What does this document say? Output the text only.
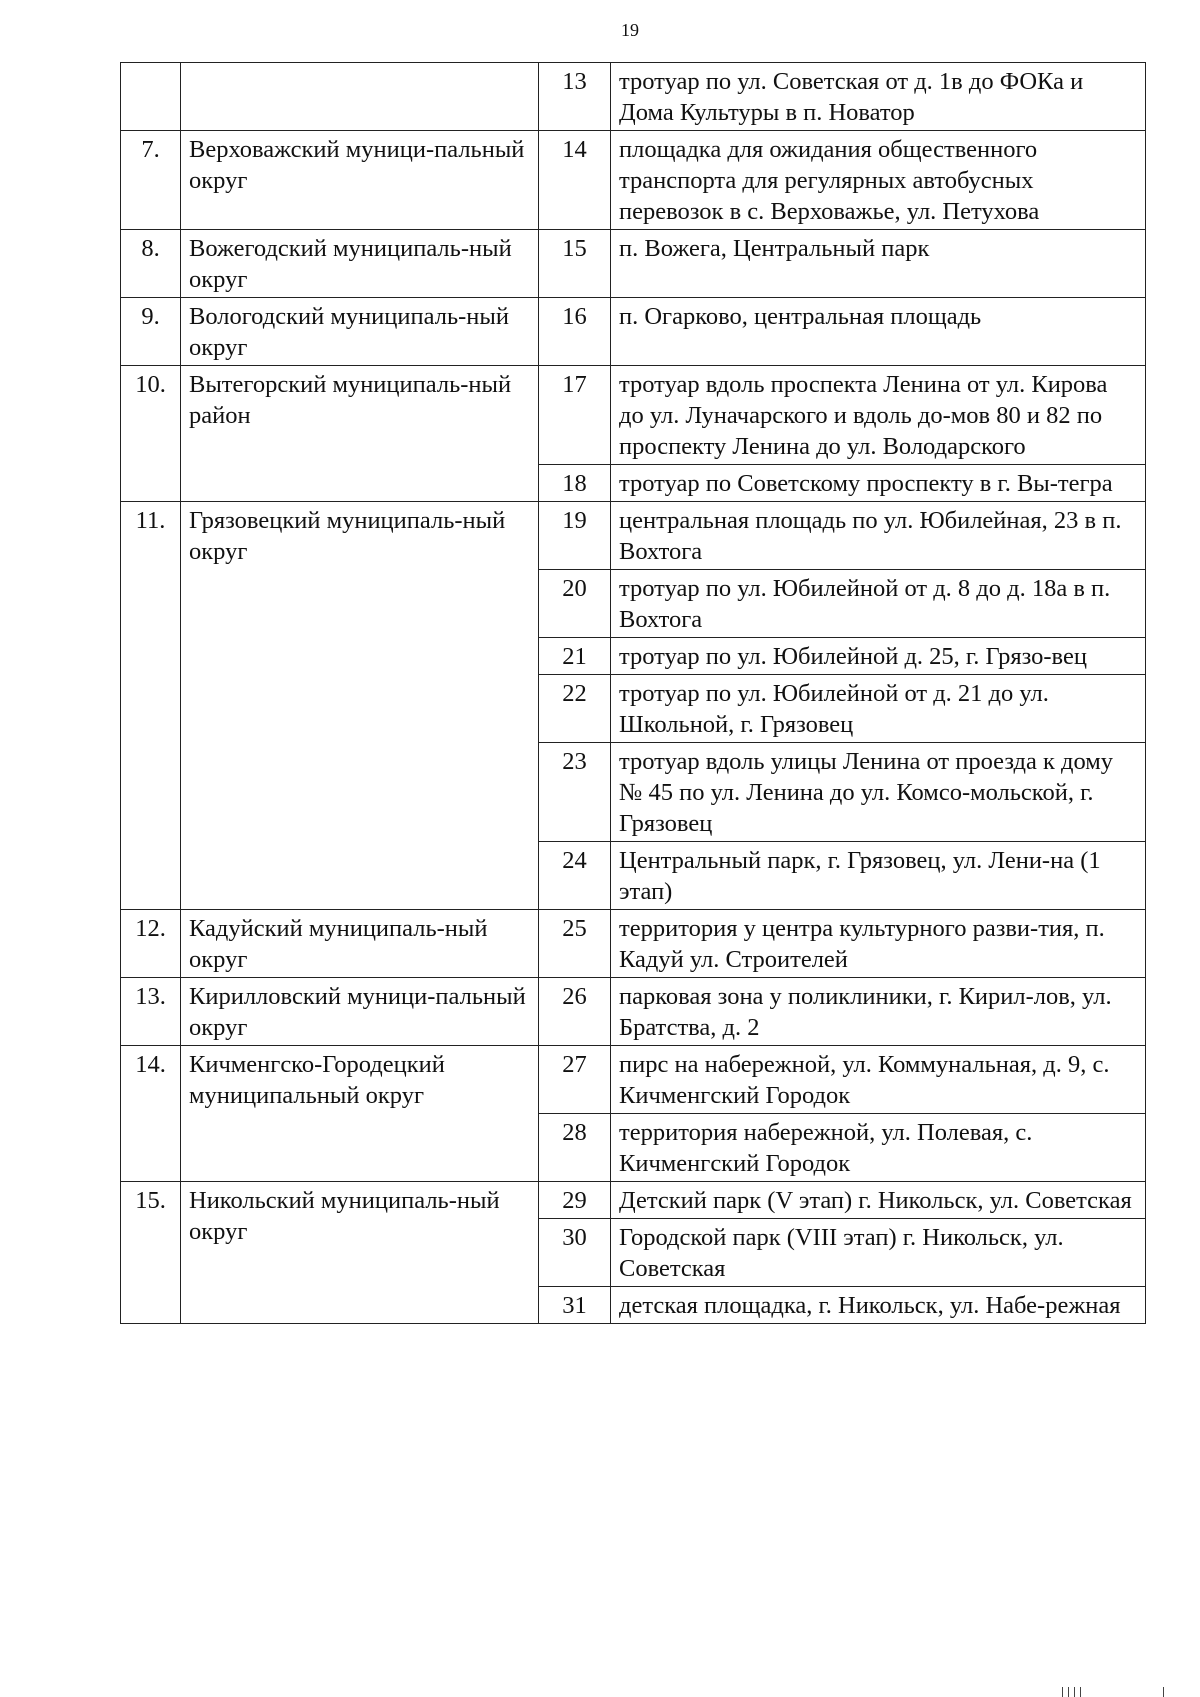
19
		13	тротуар по ул. Советская от д. 1в до ФОКа и Дома Культуры в п. Новатор
7.	Верховажский муници-пальный округ	14	площадка для ожидания общественного транспорта для регулярных автобусных перевозок в с. Верховажье, ул. Петухова
8.	Вожегодский муниципаль-ный округ	15	п. Вожега, Центральный парк
9.	Вологодский муниципаль-ный округ	16	п. Огарково, центральная площадь
10.	Вытегорский муниципаль-ный район	17	тротуар вдоль проспекта Ленина от ул. Кирова до ул. Луначарского и вдоль до-мов 80 и 82 по проспекту Ленина до ул. Володарского
		18	тротуар по Советскому проспекту в г. Вы-тегра
11.	Грязовецкий муниципаль-ный округ	19	центральная площадь по ул. Юбилейная, 23 в п. Вохтога
		20	тротуар по ул. Юбилейной от д. 8 до д. 18а в п. Вохтога
		21	тротуар по ул. Юбилейной д. 25, г. Грязо-вец
		22	тротуар по ул. Юбилейной от д. 21 до ул. Школьной, г. Грязовец
		23	тротуар вдоль улицы Ленина от проезда к дому № 45 по ул. Ленина до ул. Комсо-мольской, г. Грязовец
		24	Центральный парк, г. Грязовец, ул. Лени-на (1 этап)
12.	Кадуйский муниципаль-ный округ	25	территория у центра культурного разви-тия, п. Кадуй ул. Строителей
13.	Кирилловский муници-пальный округ	26	парковая зона у поликлиники, г. Кирил-лов, ул. Братства, д. 2
14.	Кичменгско-Городецкий муниципальный округ	27	пирс на набережной, ул. Коммунальная, д. 9, с. Кичменгский Городок
		28	территория набережной, ул. Полевая, с. Кичменгский Городок
15.	Никольский муниципаль-ный округ	29	Детский парк (V этап) г. Никольск, ул. Советская
		30	Городской парк (VIII этап) г. Никольск, ул. Советская
		31	детская площадка, г. Никольск, ул. Набе-режная
